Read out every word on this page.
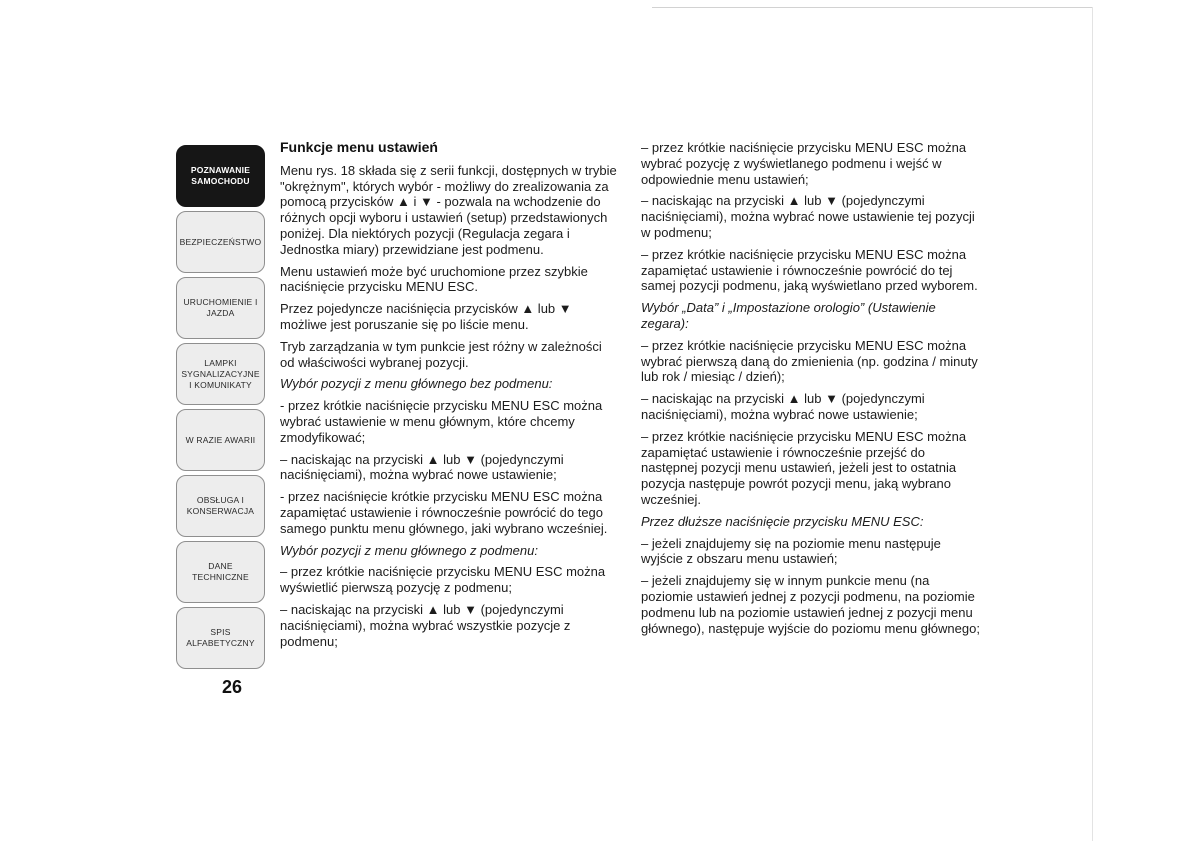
POZNAWANIE SAMOCHODU
BEZPIECZEŃSTWO
URUCHOMIENIE I JAZDA
LAMPKI SYGNALIZACYJNE I KOMUNIKATY
W RAZIE AWARII
OBSŁUGA I KONSERWACJA
DANE TECHNICZNE
SPIS ALFABETYCZNY
26
Funkcje menu ustawień

Menu rys. 18 składa się z serii funkcji, dostępnych w trybie "okrężnym", których wybór - możliwy do zrealizowania za pomocą przycisków ▲ i ▼ - pozwala na wchodzenie do różnych opcji wyboru i ustawień (setup) przedstawionych poniżej. Dla niektórych pozycji (Regulacja zegara i Jednostka miary) przewidziane jest podmenu.

Menu ustawień może być uruchomione przez szybkie naciśnięcie przycisku MENU ESC.

Przez pojedyncze naciśnięcia przycisków ▲ lub ▼ możliwe jest poruszanie się po liście menu.

Tryb zarządzania w tym punkcie jest różny w zależności od właściwości wybranej pozycji.

Wybór pozycji z menu głównego bez podmenu:

- przez krótkie naciśnięcie przycisku MENU ESC można wybrać ustawienie w menu głównym, które chcemy zmodyfikować;

– naciskając na przyciski ▲ lub ▼ (pojedynczymi naciśnięciami), można wybrać nowe ustawienie;

- przez naciśnięcie krótkie przycisku MENU ESC można zapamiętać ustawienie i równocześnie powrócić do tego samego punktu menu głównego, jaki wybrano wcześniej.

Wybór pozycji z menu głównego z podmenu:

– przez krótkie naciśnięcie przycisku MENU ESC można wyświetlić pierwszą pozycję z podmenu;

– naciskając na przyciski ▲ lub ▼ (pojedynczymi naciśnięciami), można wybrać wszystkie pozycje z podmenu;

– przez krótkie naciśnięcie przycisku MENU ESC można wybrać pozycję z wyświetlanego podmenu i wejść w odpowiednie menu ustawień;

– naciskając na przyciski ▲ lub ▼ (pojedynczymi naciśnięciami), można wybrać nowe ustawienie tej pozycji w podmenu;

– przez krótkie naciśnięcie przycisku MENU ESC można zapamiętać ustawienie i równocześnie powrócić do tej samej pozycji podmenu, jaką wyświetlano przed wyborem.

Wybór „Data” i „Impostazione orologio” (Ustawienie zegara):

– przez krótkie naciśnięcie przycisku MENU ESC można wybrać pierwszą daną do zmienienia (np. godzina / minuty lub rok / miesiąc / dzień);

– naciskając na przyciski ▲ lub ▼ (pojedynczymi naciśnięciami), można wybrać nowe ustawienie;

– przez krótkie naciśnięcie przycisku MENU ESC można zapamiętać ustawienie i równocześnie przejść do następnej pozycji menu ustawień, jeżeli jest to ostatnia pozycja następuje powrót pozycji menu, jaką wybrano wcześniej.

Przez dłuższe naciśnięcie przycisku MENU ESC:

– jeżeli znajdujemy się na poziomie menu następuje wyjście z obszaru menu ustawień;

– jeżeli znajdujemy się w innym punkcie menu (na poziomie ustawień jednej z pozycji podmenu, na poziomie podmenu lub na poziomie ustawień jednej z pozycji menu głównego), następuje wyjście do poziomu menu głównego;
